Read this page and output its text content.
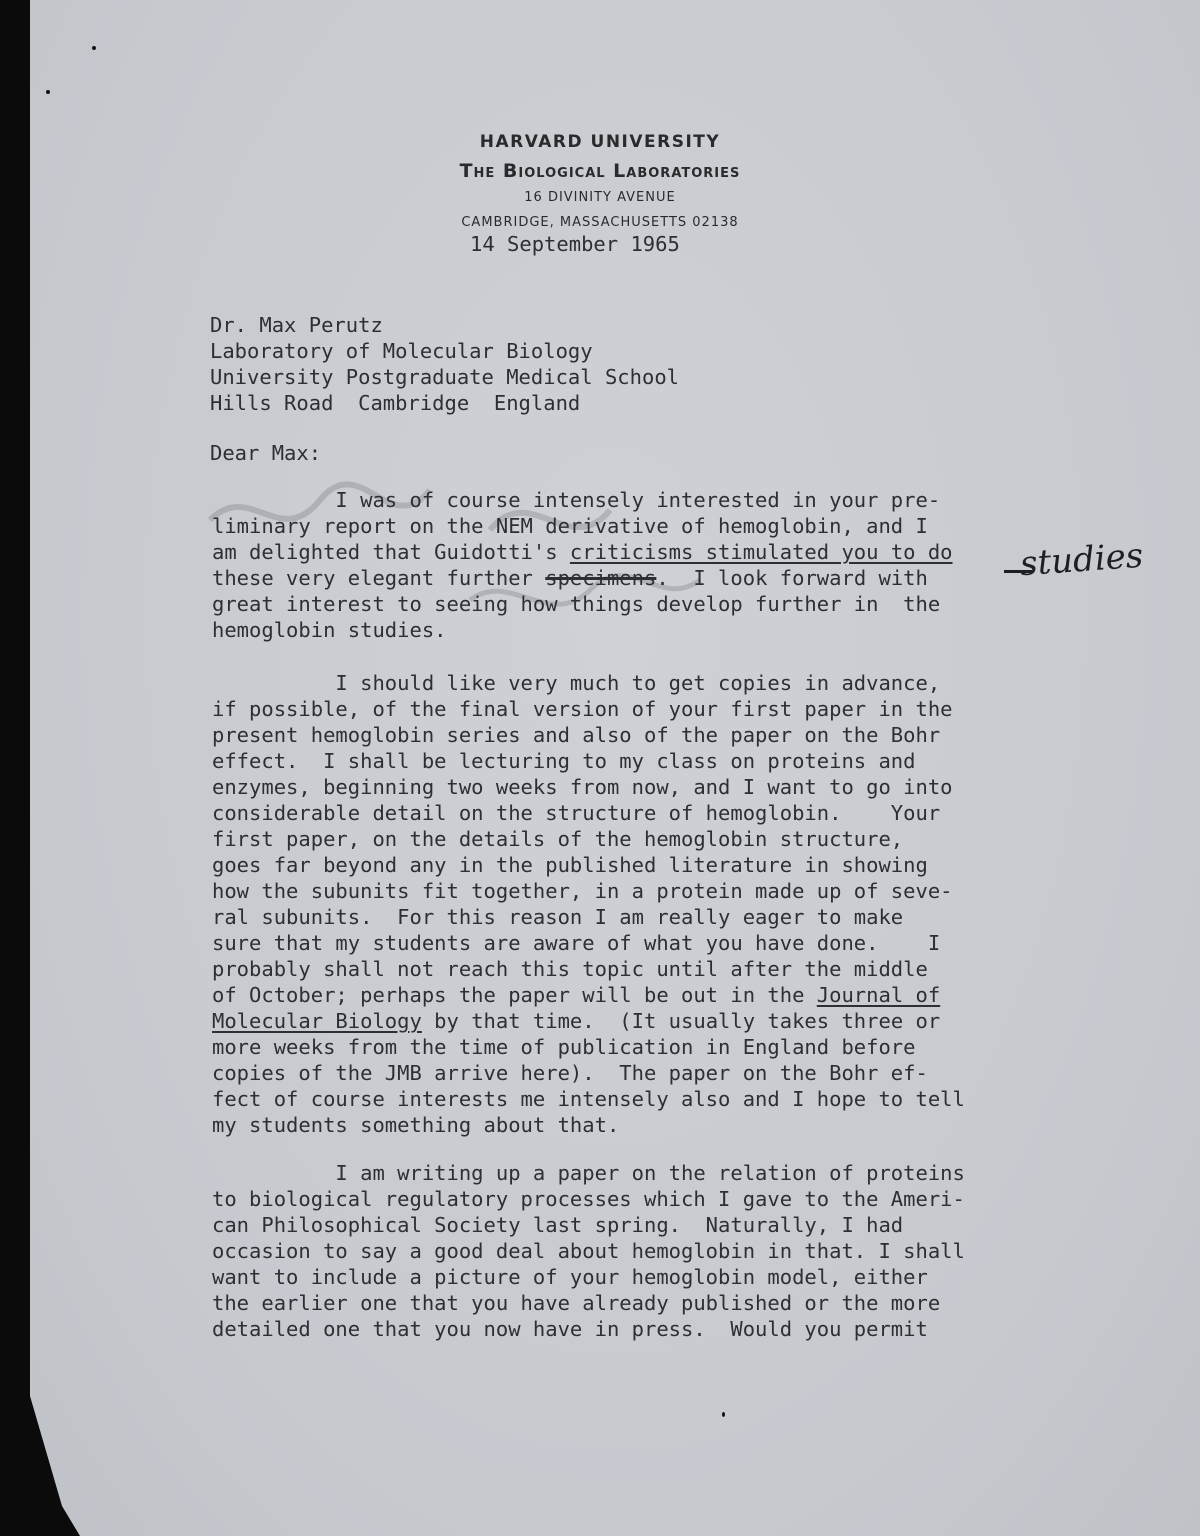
HARVARD UNIVERSITY
The Biological Laboratories
16 DIVINITY AVENUE
CAMBRIDGE, MASSACHUSETTS 02138
14 September 1965
Dr. Max Perutz
Laboratory of Molecular Biology
University Postgraduate Medical School
Hills Road  Cambridge  England
Dear Max:
I was of course intensely interested in your pre-
liminary report on the NEM derivative of hemoglobin, and I
am delighted that Guidotti's criticisms stimulated you to do
these very elegant further specimens.  I look forward with
great interest to seeing how things develop further in  the
hemoglobin studies.
studies
I should like very much to get copies in advance,
if possible, of the final version of your first paper in the
present hemoglobin series and also of the paper on the Bohr
effect.  I shall be lecturing to my class on proteins and
enzymes, beginning two weeks from now, and I want to go into
considerable detail on the structure of hemoglobin.    Your
first paper, on the details of the hemoglobin structure,
goes far beyond any in the published literature in showing
how the subunits fit together, in a protein made up of seve-
ral subunits.  For this reason I am really eager to make
sure that my students are aware of what you have done.    I
probably shall not reach this topic until after the middle
of October; perhaps the paper will be out in the Journal of
Molecular Biology by that time.  (It usually takes three or
more weeks from the time of publication in England before
copies of the JMB arrive here).  The paper on the Bohr ef-
fect of course interests me intensely also and I hope to tell
my students something about that.
I am writing up a paper on the relation of proteins
to biological regulatory processes which I gave to the Ameri-
can Philosophical Society last spring.  Naturally, I had
occasion to say a good deal about hemoglobin in that. I shall
want to include a picture of your hemoglobin model, either
the earlier one that you have already published or the more
detailed one that you now have in press.  Would you permit
